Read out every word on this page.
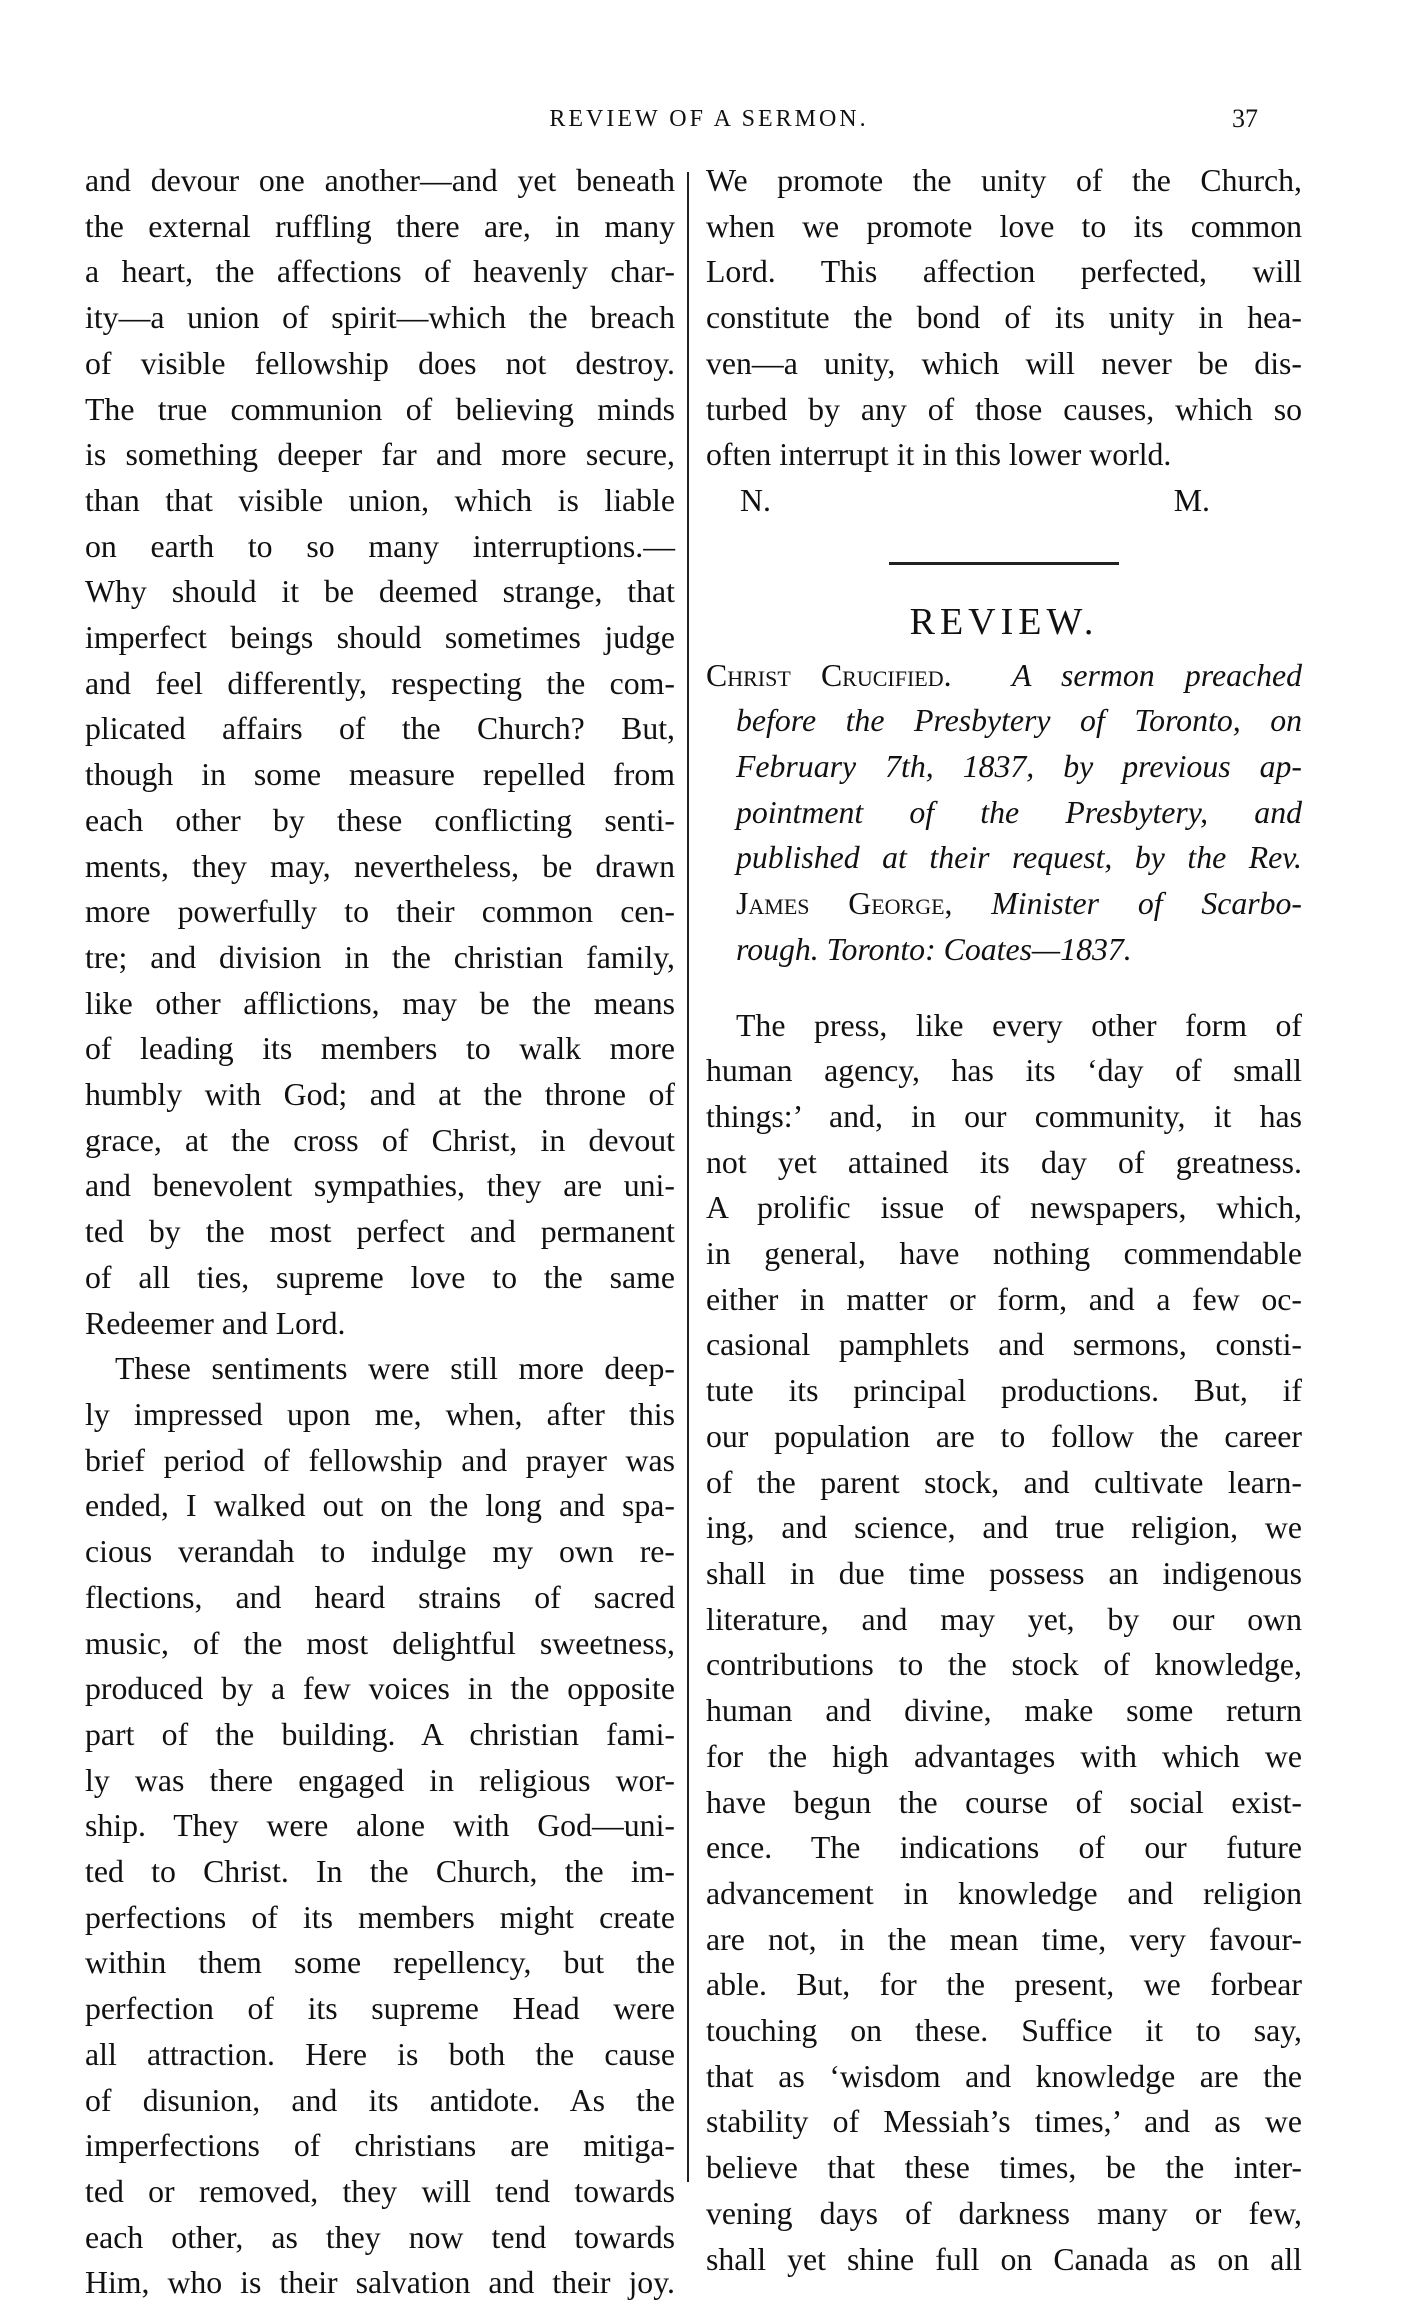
REVIEW OF A SERMON.	37
and devour one another—and yet beneath
the external ruffling there are, in many
a heart, the affections of heavenly char-
ity—a union of spirit—which the breach
of visible fellowship does not destroy.
The true communion of believing minds
is something deeper far and more secure,
than that visible union, which is liable
on earth to so many interruptions.—
Why should it be deemed strange, that
imperfect beings should sometimes judge
and feel differently, respecting the com-
plicated affairs of the Church? But,
though in some measure repelled from
each other by these conflicting senti-
ments, they may, nevertheless, be drawn
more powerfully to their common cen-
tre; and division in the christian family,
like other afflictions, may be the means
of leading its members to walk more
humbly with God; and at the throne of
grace, at the cross of Christ, in devout
and benevolent sympathies, they are uni-
ted by the most perfect and permanent
of all ties, supreme love to the same
Redeemer and Lord.
These sentiments were still more deep-
ly impressed upon me, when, after this
brief period of fellowship and prayer was
ended, I walked out on the long and spa-
cious verandah to indulge my own re-
flections, and heard strains of sacred
music, of the most delightful sweetness,
produced by a few voices in the opposite
part of the building. A christian fami-
ly was there engaged in religious wor-
ship. They were alone with God—uni-
ted to Christ. In the Church, the im-
perfections of its members might create
within them some repellency, but the
perfection of its supreme Head were
all attraction. Here is both the cause
of disunion, and its antidote. As the
imperfections of christians are mitiga-
ted or removed, they will tend towards
each other, as they now tend towards
Him, who is their salvation and their joy.
We promote the unity of the Church,
when we promote love to its common
Lord. This affection perfected, will
constitute the bond of its unity in hea-
ven—a unity, which will never be dis-
turbed by any of those causes, which so
often interrupt it in this lower world.
N.	M.
REVIEW.
Christ Crucified. A sermon preached
before the Presbytery of Toronto, on
February 7th, 1837, by previous ap-
pointment of the Presbytery, and
published at their request, by the Rev.
James George, Minister of Scarbo-
rough. Toronto: Coates—1837.
The press, like every other form of
human agency, has its ‘day of small
things:’ and, in our community, it has
not yet attained its day of greatness.
A prolific issue of newspapers, which,
in general, have nothing commendable
either in matter or form, and a few oc-
casional pamphlets and sermons, consti-
tute its principal productions. But, if
our population are to follow the career
of the parent stock, and cultivate learn-
ing, and science, and true religion, we
shall in due time possess an indigenous
literature, and may yet, by our own
contributions to the stock of knowledge,
human and divine, make some return
for the high advantages with which we
have begun the course of social exist-
ence. The indications of our future
advancement in knowledge and religion
are not, in the mean time, very favour-
able. But, for the present, we forbear
touching on these. Suffice it to say,
that as ‘wisdom and knowledge are the
stability of Messiah’s times,’ and as we
believe that these times, be the inter-
vening days of darkness many or few,
shall yet shine full on Canada as on all
